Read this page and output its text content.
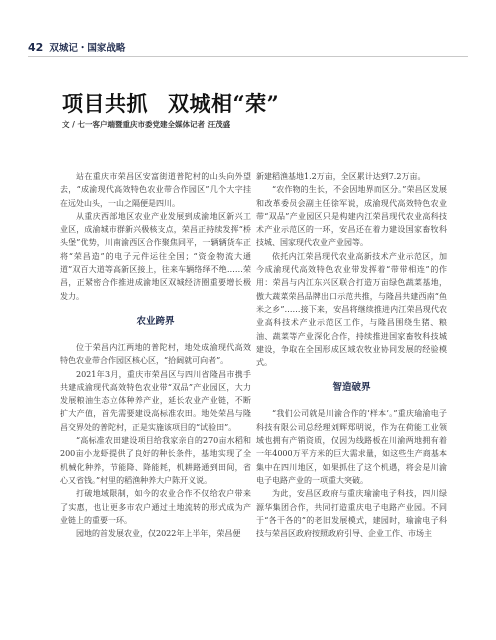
42 双城记・国家战略
项目共抓 双城相“荣”
文 / 七一客户端暨重庆市委党建全媒体记者 汪茂盛

站在重庆市荣昌区安富街道普陀村的山头向外望去，“成渝现代高效特色农业带合作园区”几个大字挂在远处山头，一山之隔便是四川。

从重庆西部地区农业产业发展到成渝地区新兴工业区，成渝城市群新兴极核支点，荣昌正持续发挥“桥头堡”优势，川南渝西区合作聚焦同平，一辆辆货车正将“荣昌造”的电子元件运往全国；“资金物流大通道”双百大道等高新区接上，往来车辆络绎不绝……荣昌，正紧密合作推进成渝地区双城经济圈重要增长极发力。

农业跨界

位于荣昌内江两地的普陀村，地处成渝现代高效特色农业带合作园区核心区，“拾阔就可向者”。

2021年3月，重庆市荣昌区与四川省隆昌市携手共建成渝现代高效特色农业带“双品”产业园区，大力发展粮油生态立体种养产业，延长农业产业链，不断扩大产值，首先需要建设高标准农田。地处荣昌与隆昌交界处的普陀村，正是实施该项目的“试验田”。

“高标准农田建设项目给我家亲自的270亩水稻和200亩小龙虾提供了良好的种长条件，基地实现了全机械化种养，节能降、降能耗，机耕路通到田间，省心又省钱。”村里的稻渔种养大户陈开义说。

打破地域限制，如今的农业合作不仅给农户带来了实惠，也让更多市农户通过土地流转的形式成为产业链上的重要一环。

园地的首发展农业，仅2022年上半年，荣昌便

新建稻渔基地1.2万亩，全区累计达到7.2万亩。

“农作物的生长，不会因地界而区分。”荣昌区发展和改革委员会副主任徐军说，成渝现代高效特色农业带“双品”产业园区只是构建内江荣昌现代农业高科技术产业示范区的一环，安昌还在着力建设国家畜牧科技城、国家现代农业产业园等。

依托内江荣昌现代农业高新技术产业示范区，加今成渝现代高效特色农业带发挥着“带带相连”的作用：荣昌与内江东兴区联合打造万亩绿色蔬菜基地，傲大蔬菜荣昌品牌出口示范共推，与隆昌共建西南“鱼米之乡”……接下来，安昌将继续推进内江荣昌现代农业高科技术产业示范区工作，与隆昌围绕生猪、粮油、蔬菜等产业深化合作，持续推进国家畜牧科技城建设，争取在全国形成区域农牧业协同发展的经验模式。

智造破界

“我们公司就是川渝合作的‘样本’。”重庆瑜渝电子科技有限公司总经理刘辉郑明说，作为在荷能工业领域也拥有产销资质，仅因为线路板在川渝两地拥有着一年4000万平方米的巨大需求量，如这些生产商基本集中在四川地区，如果抓住了这个机遇，将会是川渝电子电路产业的一项重大突破。

为此，安昌区政府与重庆瑜渝电子科技，四川绿源华集团合作，共同打造重庆电子电路产业园。不同于“各干各的”的老旧发展模式，建园时，瑜渝电子科技与荣昌区政府按照政府引导、企业工作、市场主
